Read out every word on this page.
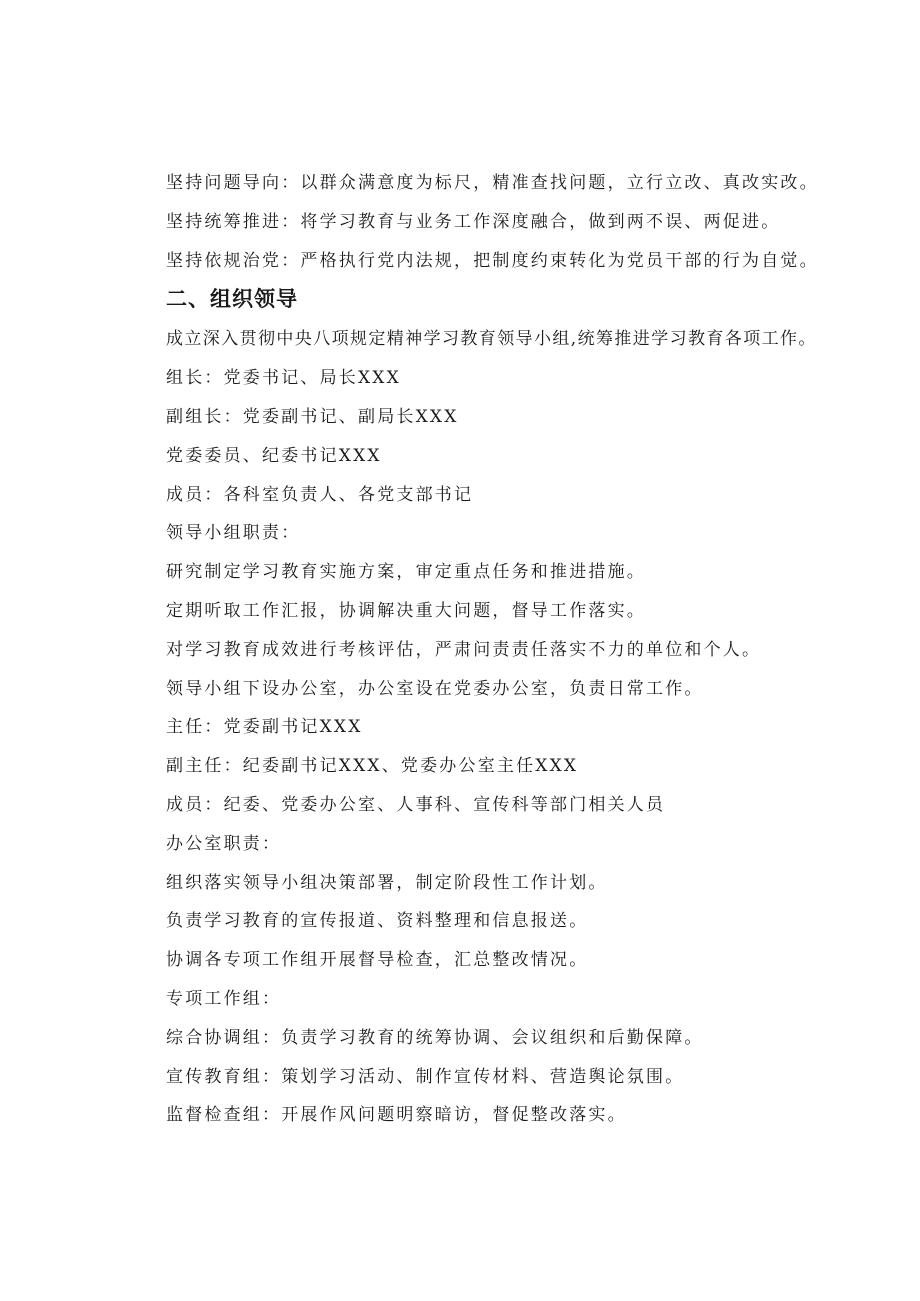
坚持问题导向：以群众满意度为标尺，精准查找问题，立行立改、真改实改。
坚持统筹推进：将学习教育与业务工作深度融合，做到两不误、两促进。
坚持依规治党：严格执行党内法规，把制度约束转化为党员干部的行为自觉。
二、组织领导
成立深入贯彻中央八项规定精神学习教育领导小组,统筹推进学习教育各项工作。
组长：党委书记、局长XXX
副组长：党委副书记、副局长XXX
党委委员、纪委书记XXX
成员：各科室负责人、各党支部书记
领导小组职责：
研究制定学习教育实施方案，审定重点任务和推进措施。
定期听取工作汇报，协调解决重大问题，督导工作落实。
对学习教育成效进行考核评估，严肃问责责任落实不力的单位和个人。
领导小组下设办公室，办公室设在党委办公室，负责日常工作。
主任：党委副书记XXX
副主任：纪委副书记XXX、党委办公室主任XXX
成员：纪委、党委办公室、人事科、宣传科等部门相关人员
办公室职责：
组织落实领导小组决策部署，制定阶段性工作计划。
负责学习教育的宣传报道、资料整理和信息报送。
协调各专项工作组开展督导检查，汇总整改情况。
专项工作组：
综合协调组：负责学习教育的统筹协调、会议组织和后勤保障。
宣传教育组：策划学习活动、制作宣传材料、营造舆论氛围。
监督检查组：开展作风问题明察暗访，督促整改落实。
